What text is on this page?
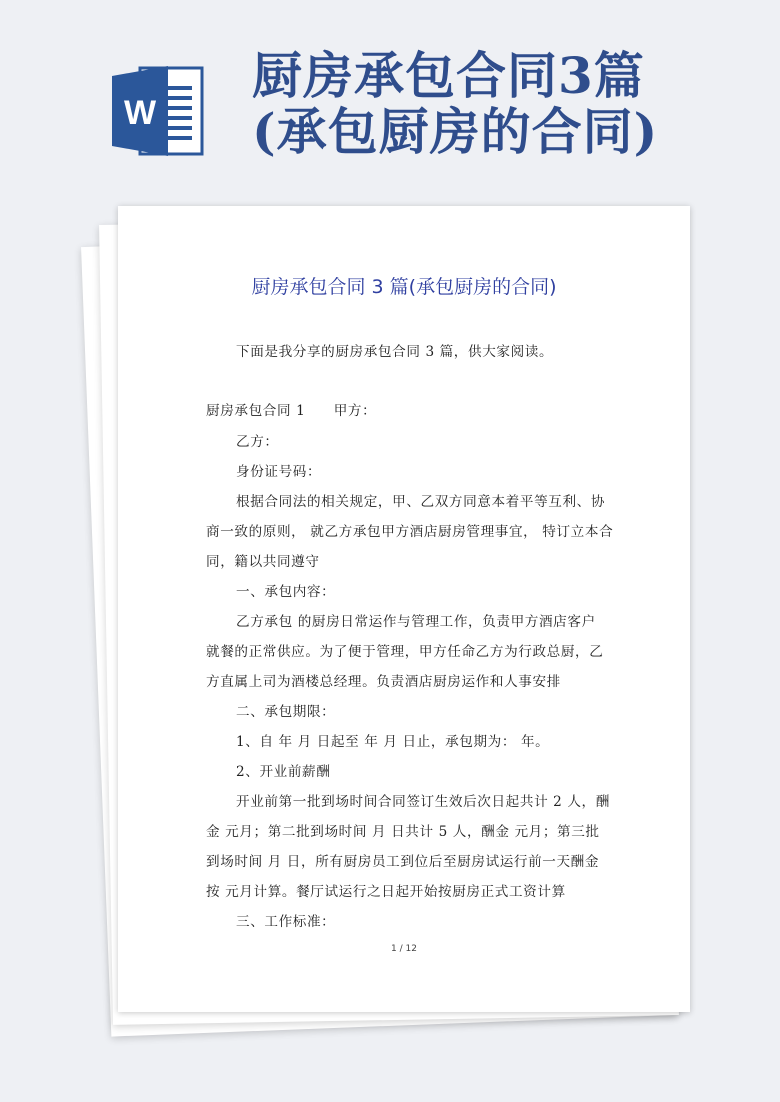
W
厨房承包合同3篇
(承包厨房的合同)
厨房承包合同 3 篇(承包厨房的合同)
下面是我分享的厨房承包合同 3 篇，供大家阅读。
厨房承包合同 1　　甲方：
乙方：
身份证号码：
根据合同法的相关规定，甲、乙双方同意本着平等互利、协
商一致的原则， 就乙方承包甲方酒店厨房管理事宜， 特订立本合
同，籍以共同遵守
一、承包内容：
乙方承包 的厨房日常运作与管理工作，负责甲方酒店客户
就餐的正常供应。为了便于管理，甲方任命乙方为行政总厨，乙
方直属上司为酒楼总经理。负责酒店厨房运作和人事安排
二、承包期限：
1、自 年 月 日起至 年 月 日止，承包期为： 年。
2、开业前薪酬
开业前第一批到场时间合同签订生效后次日起共计 2 人，酬
金 元月；第二批到场时间 月 日共计 5 人，酬金 元月；第三批
到场时间 月 日，所有厨房员工到位后至厨房试运行前一天酬金
按 元月计算。餐厅试运行之日起开始按厨房正式工资计算
三、工作标准：
1 / 12
